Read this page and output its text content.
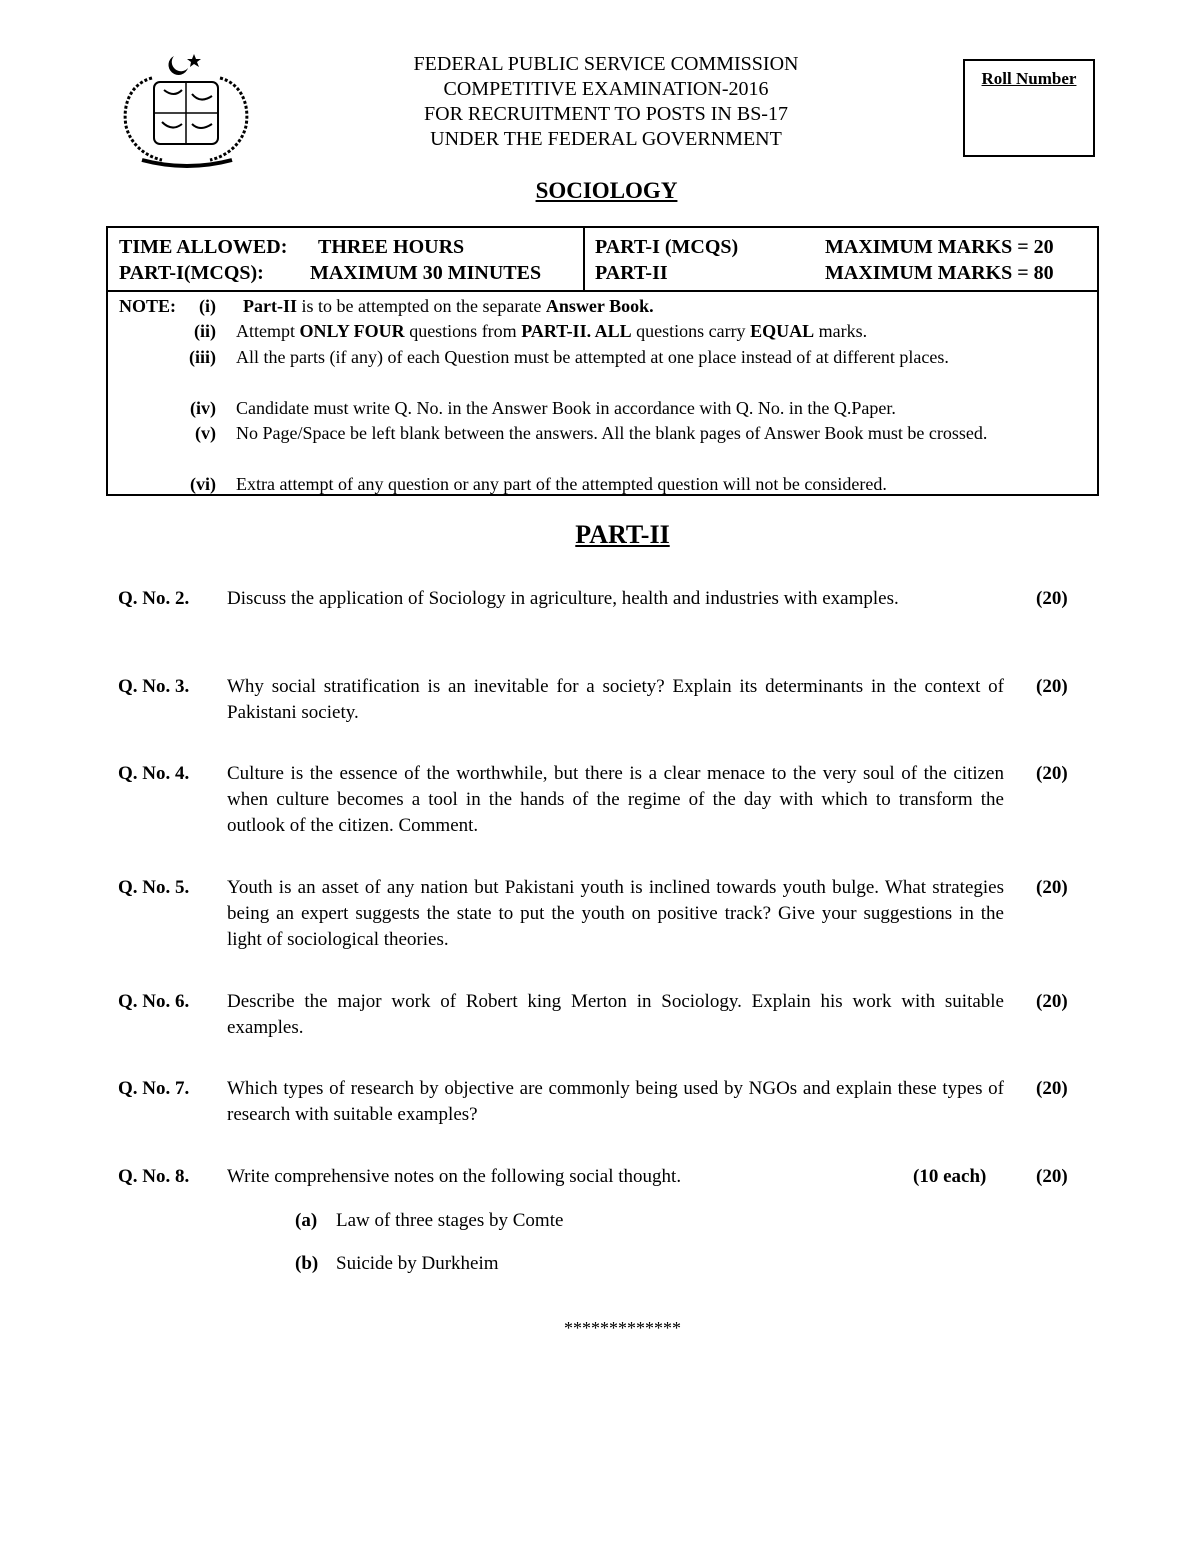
FEDERAL PUBLIC SERVICE COMMISSION
COMPETITIVE EXAMINATION-2016
FOR RECRUITMENT TO POSTS IN BS-17
UNDER THE FEDERAL GOVERNMENT
Roll Number
SOCIOLOGY
TIME ALLOWED: THREE HOURS
PART-I(MCQS): MAXIMUM 30 MINUTES
PART-I (MCQS)	MAXIMUM MARKS = 20
PART-II	MAXIMUM MARKS = 80
NOTE:	(i) Part-II is to be attempted on the separate Answer Book.
(ii) Attempt ONLY FOUR questions from PART-II. ALL questions carry EQUAL marks.
(iii) All the parts (if any) of each Question must be attempted at one place instead of at different places.
(iv) Candidate must write Q. No. in the Answer Book in accordance with Q. No. in the Q.Paper.
(v) No Page/Space be left blank between the answers. All the blank pages of Answer Book must be crossed.
(vi) Extra attempt of any question or any part of the attempted question will not be considered.
PART-II
Q. No. 2. Discuss the application of Sociology in agriculture, health and industries with examples.	(20)
Q. No. 3. Why social stratification is an inevitable for a society? Explain its determinants in the context of Pakistani society.
(20)
Q. No. 4. Culture is the essence of the worthwhile, but there is a clear menace to the very soul of the citizen when culture becomes a tool in the hands of the regime of the day with which to transform the outlook of the citizen. Comment.
(20)
Q. No. 5. Youth is an asset of any nation but Pakistani youth is inclined towards youth bulge. What strategies being an expert suggests the state to put the youth on positive track? Give your suggestions in the light of sociological theories.
(20)
Q. No. 6. Describe the major work of Robert king Merton in Sociology. Explain his work with suitable examples.
(20)
Q. No. 7. Which types of research by objective are commonly being used by NGOs and explain these types of research with suitable examples?
(20)
Q. No. 8. Write comprehensive notes on the following social thought.	(10 each)	(20)
(a) Law of three stages by Comte
(b) Suicide by Durkheim
*************
